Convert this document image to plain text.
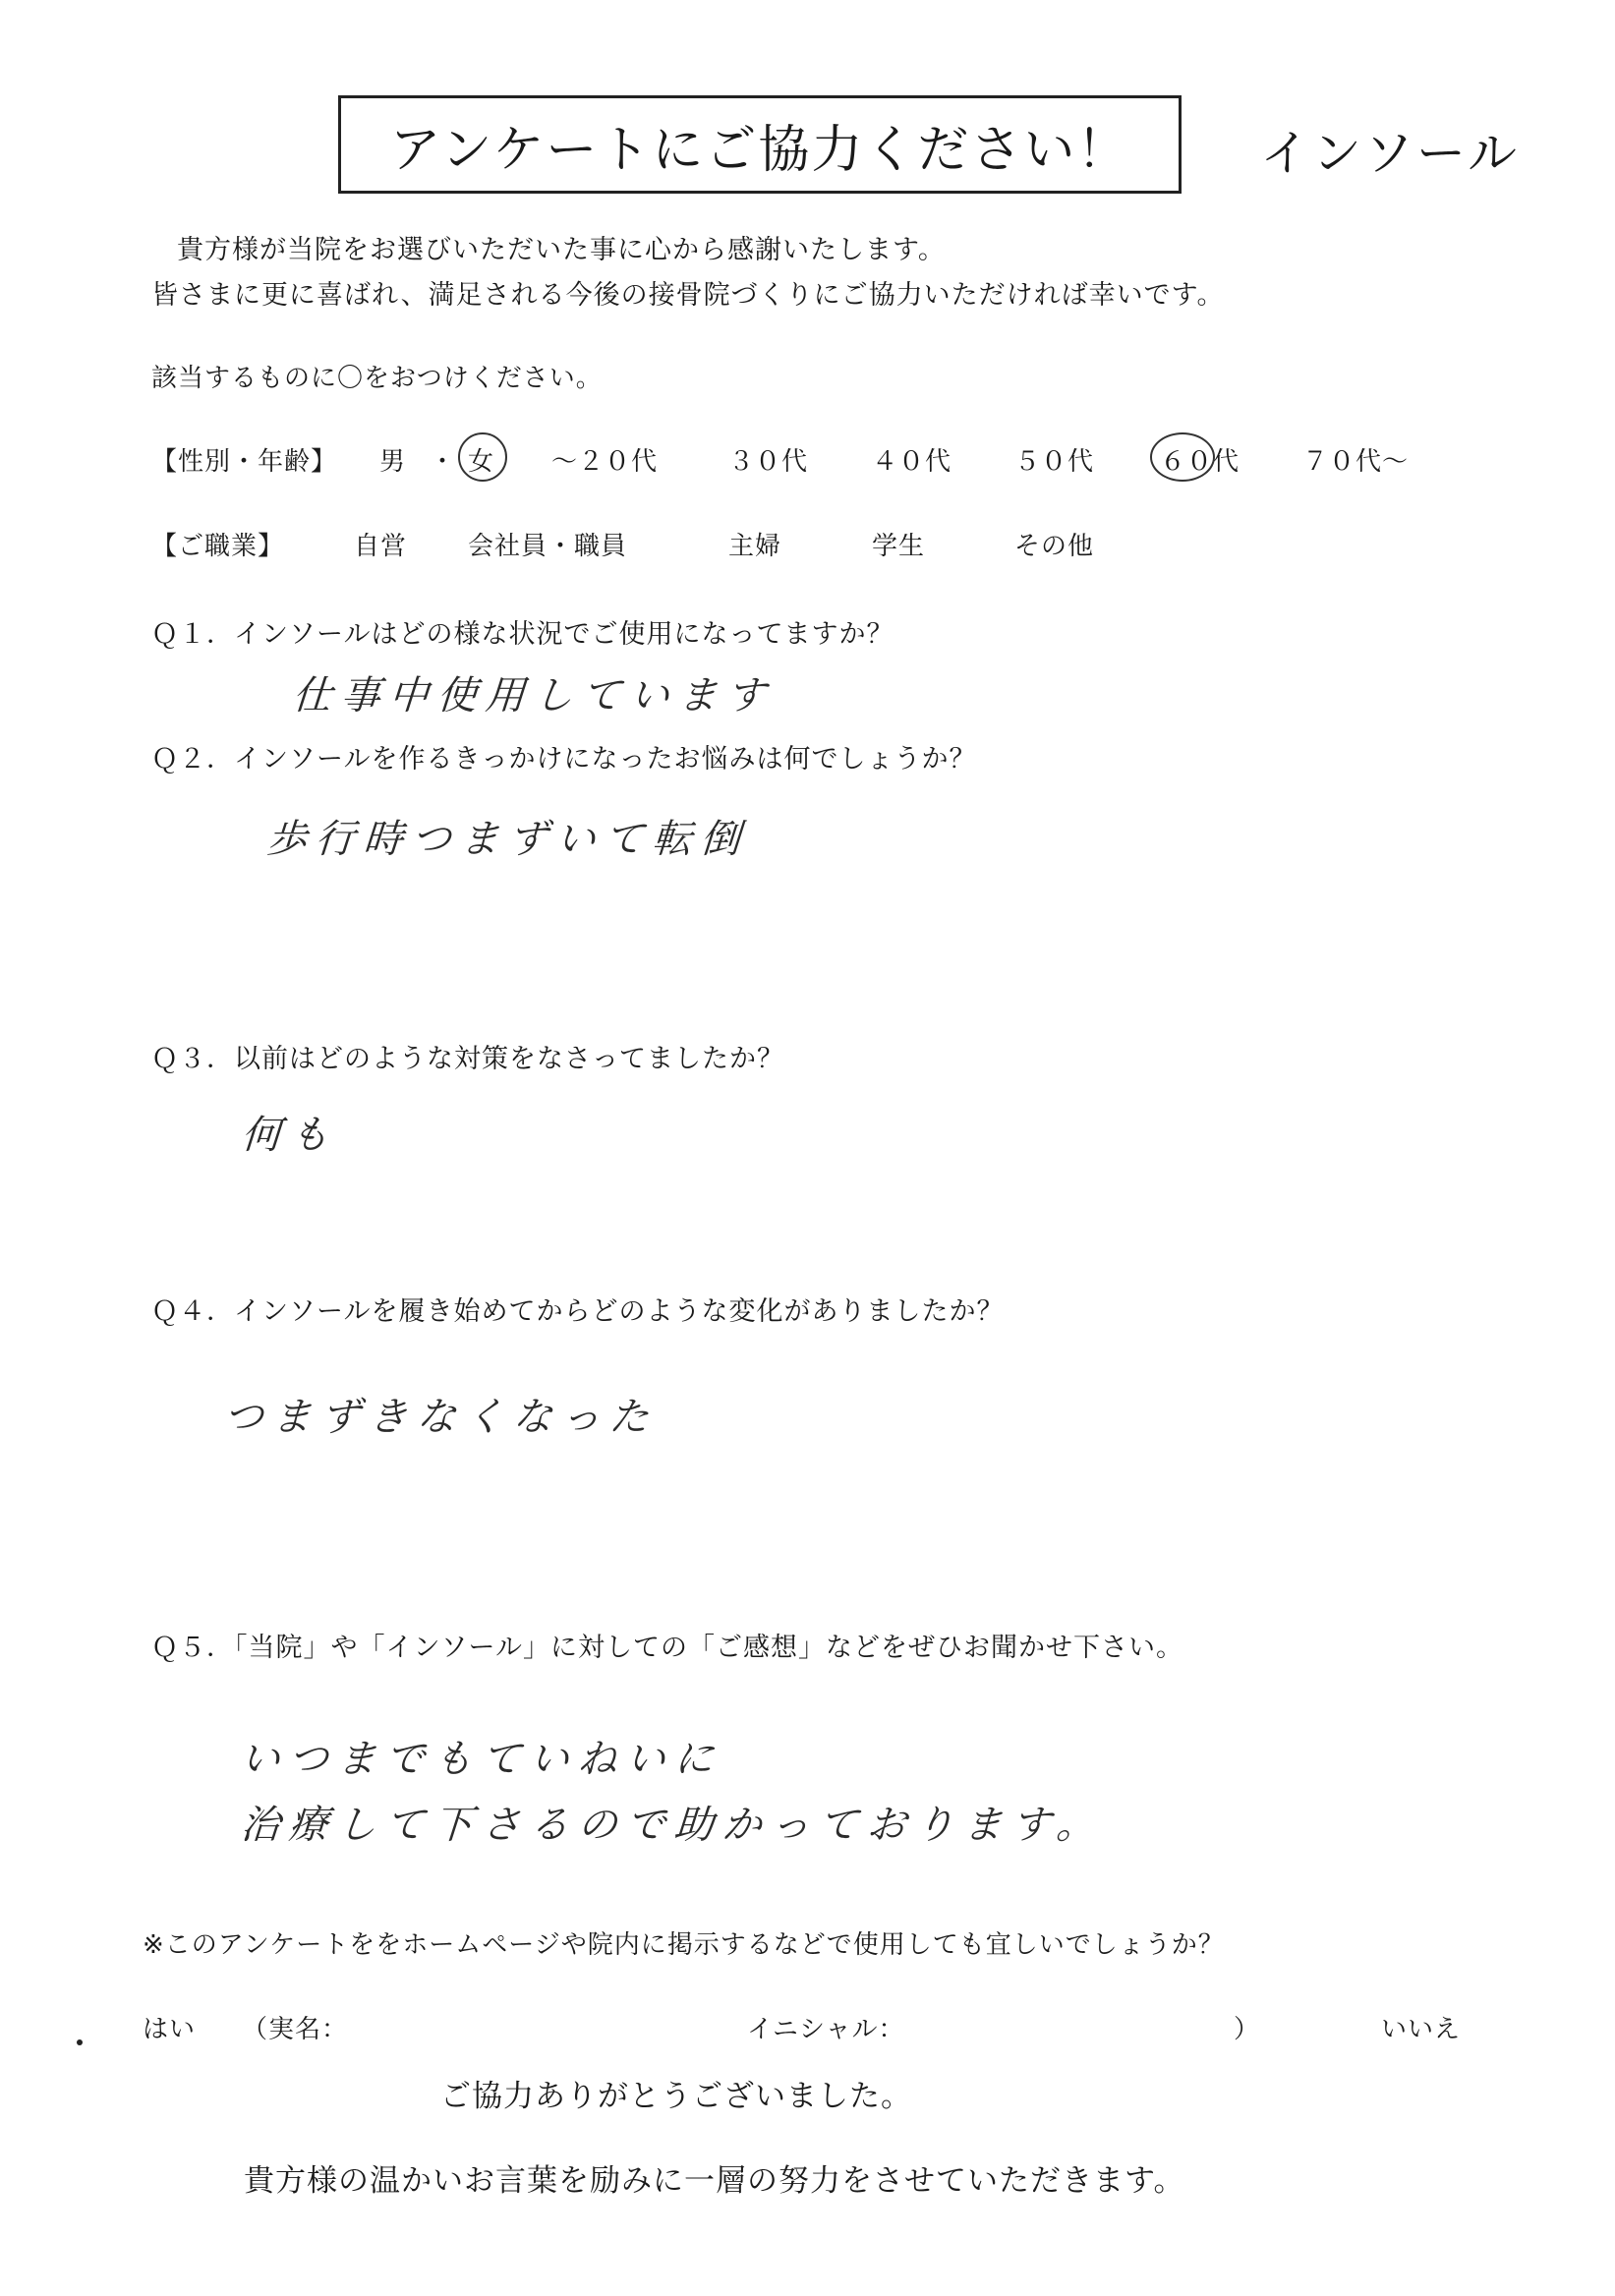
アンケートにご協力ください！	インソール
貴方様が当院をお選びいただいた事に心から感謝いたします。
皆さまに更に喜ばれ、満足される今後の接骨院づくりにご協力いただければ幸いです。
該当するものに〇をおつけください。
【性別・年齢】 男 ・ 女 ～２０代	３０代 ４０代 ５０代	６０代 ７０代～
【ご職業】	自営 会社員・職員	主婦	学生	その他
Ｑ１．インソールはどの様な状況でご使用になってますか？
仕事中使用しています
Ｑ２．インソールを作るきっかけになったお悩みは何でしょうか？
歩行時つまずいて転倒
Ｑ３．以前はどのような対策をなさってましたか？
何も
Ｑ４．インソールを履き始めてからどのような変化がありましたか？
つまずきなくなった
Ｑ５．「当院」や「インソール」に対しての「ご感想」などをぜひお聞かせ下さい。
いつまでもていねいに
治療して下さるので助かっております。
※このアンケートををホームページや院内に掲示するなどで使用しても宜しいでしょうか？
はい （実名：	イニシャル：	）	いいえ
ご協力ありがとうございました。
貴方様の温かいお言葉を励みに一層の努力をさせていただきます。
